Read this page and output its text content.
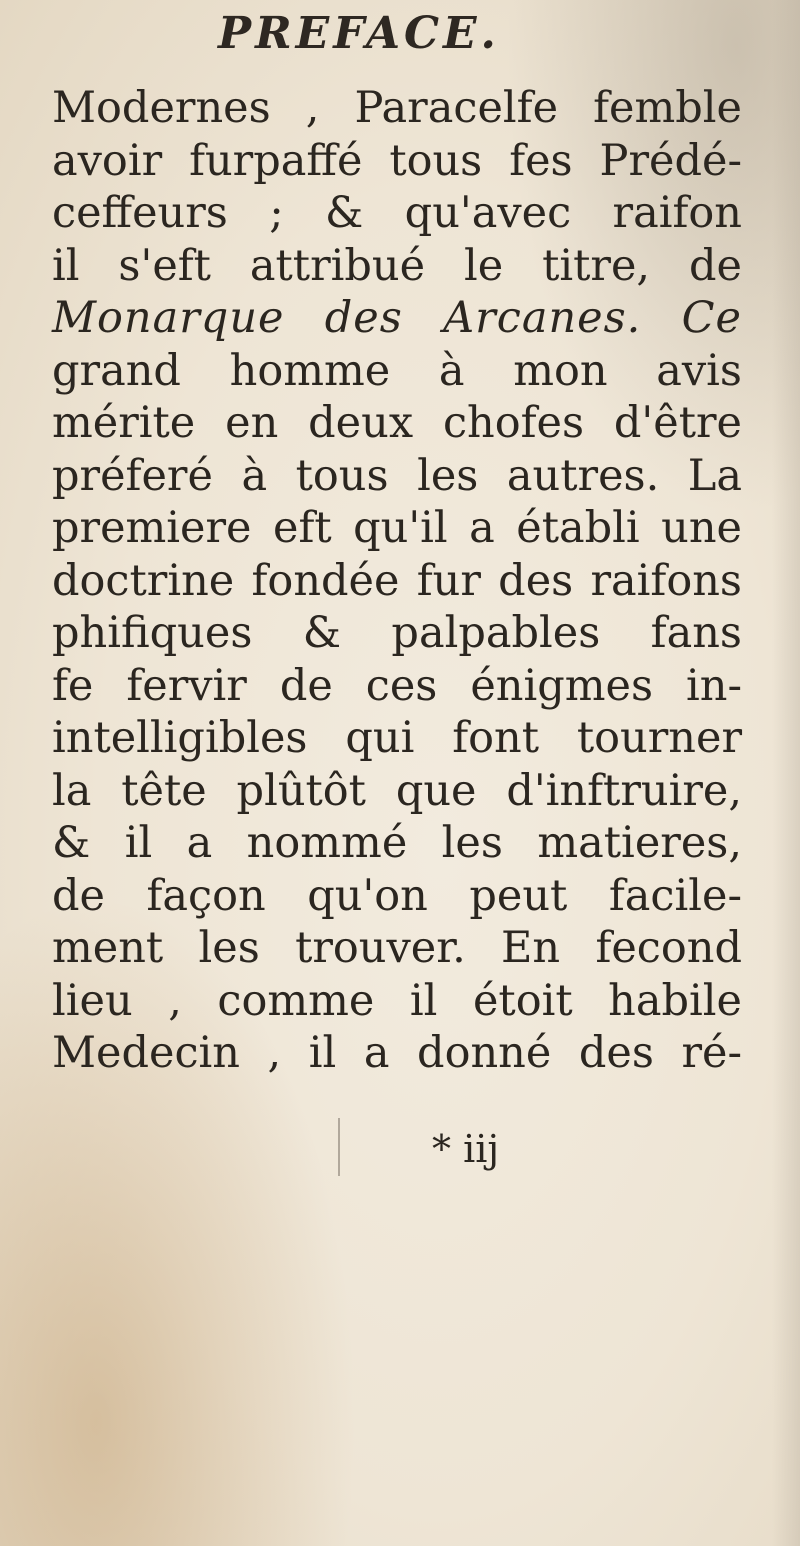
PREFACE.
Modernes , Paracelfe femble
avoir furpaffé tous fes Prédé-
ceffeurs ; & qu'avec raifon
il s'eft attribué le titre, de
Monarque des Arcanes. Ce
grand homme à mon avis
mérite en deux chofes d'être
préferé à tous les autres. La
premiere eft qu'il a établi une
doctrine fondée fur des raifons
phifiques & palpables fans
fe fervir de ces énigmes in-
intelligibles qui font tourner
la tête plûtôt que d'inftruire,
& il a nommé les matieres,
de façon qu'on peut facile-
ment les trouver. En fecond
lieu , comme il étoit habile
Medecin , il a donné des ré-
* iij
